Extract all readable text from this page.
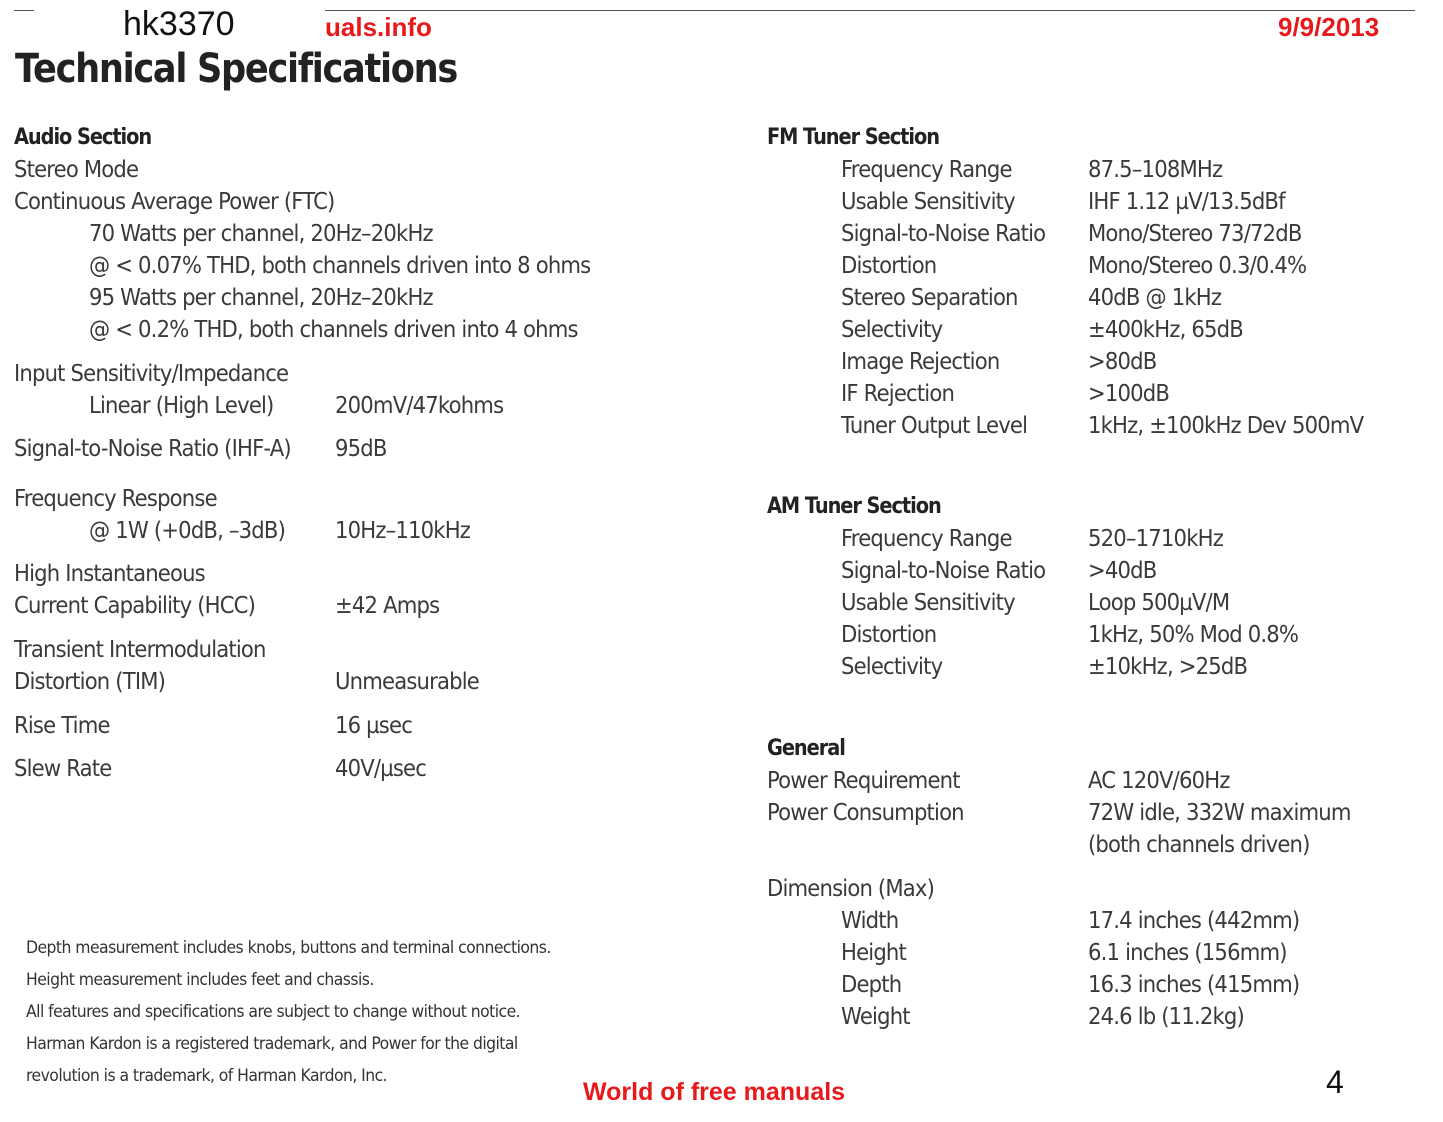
hk3370	uals.info	9/9/2013
Technical Specifications
Audio Section
Stereo Mode
Continuous Average Power (FTC)
70 Watts per channel, 20Hz–20kHz
@ < 0.07% THD, both channels driven into 8 ohms
95 Watts per channel, 20Hz–20kHz
@ < 0.2% THD, both channels driven into 4 ohms
Input Sensitivity/Impedance
Linear (High Level)	200mV/47kohms
Signal-to-Noise Ratio (IHF-A) 95dB
Frequency Response
@ 1W (+0dB, –3dB) 10Hz–110kHz
High Instantaneous
Current Capability (HCC)	±42 Amps
Transient Intermodulation
Distortion (TIM)	Unmeasurable
Rise Time	16 µsec
Slew Rate	40V/µsec
Depth measurement includes knobs, buttons and terminal connections.
Height measurement includes feet and chassis.
All features and specifications are subject to change without notice.
Harman Kardon is a registered trademark, and Power for the digital
revolution is a trademark, of Harman Kardon, Inc.
FM Tuner Section
Frequency Range	87.5–108MHz
Usable Sensitivity	IHF 1.12 µV/13.5dBf
Signal-to-Noise Ratio Mono/Stereo 73/72dB
Distortion	Mono/Stereo 0.3/0.4%
Stereo Separation	40dB @ 1kHz
Selectivity	±400kHz, 65dB
Image Rejection	>80dB
IF Rejection	>100dB
Tuner Output Level	1kHz, ±100kHz Dev 500mV
AM Tuner Section
Frequency Range	520–1710kHz
Signal-to-Noise Ratio >40dB
Usable Sensitivity	Loop 500µV/M
Distortion	1kHz, 50% Mod 0.8%
Selectivity	±10kHz, >25dB
General
Power Requirement	AC 120V/60Hz
Power Consumption	72W idle, 332W maximum
(both channels driven)
Dimension (Max)
Width	17.4 inches (442mm)
Height	6.1 inches (156mm)
Depth	16.3 inches (415mm)
Weight	24.6 lb (11.2kg)
World of free manuals	4
